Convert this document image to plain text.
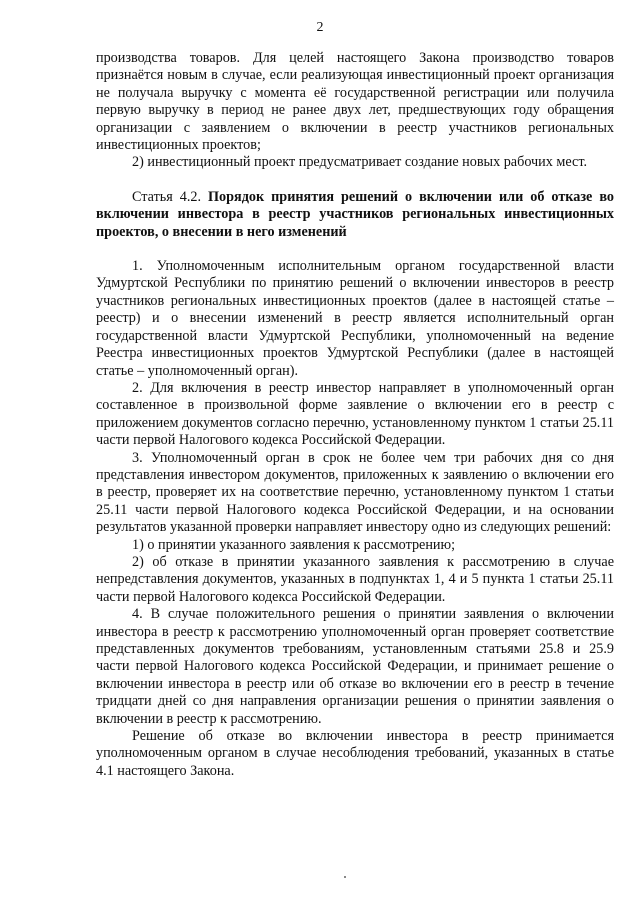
2

производства товаров. Для целей настоящего Закона производство товаров признаётся новым в случае, если реализующая инвестиционный проект организация не получала выручку с момента её государственной регистрации или получила первую выручку в период не ранее двух лет, предшествующих году обращения организации с заявлением о включении в реестр участников региональных инвестиционных проектов;

2) инвестиционный проект предусматривает создание новых рабочих мест.

Статья 4.2. Порядок принятия решений о включении или об отказе во включении инвестора в реестр участников региональных инвестиционных проектов, о внесении в него изменений

1. Уполномоченным исполнительным органом государственной власти Удмуртской Республики по принятию решений о включении инвесторов в реестр участников региональных инвестиционных проектов (далее в настоящей статье – реестр) и о внесении изменений в реестр является исполнительный орган государственной власти Удмуртской Республики, уполномоченный на ведение Реестра инвестиционных проектов Удмуртской Республики (далее в настоящей статье – уполномоченный орган).

2. Для включения в реестр инвестор направляет в уполномоченный орган составленное в произвольной форме заявление о включении его в реестр с приложением документов согласно перечню, установленному пунктом 1 статьи 25.11 части первой Налогового кодекса Российской Федерации.

3. Уполномоченный орган в срок не более чем три рабочих дня со дня представления инвестором документов, приложенных к заявлению о включении его в реестр, проверяет их на соответствие перечню, установленному пунктом 1 статьи 25.11 части первой Налогового кодекса Российской Федерации, и на основании результатов указанной проверки направляет инвестору одно из следующих решений:

1) о принятии указанного заявления к рассмотрению;

2) об отказе в принятии указанного заявления к рассмотрению в случае непредставления документов, указанных в подпунктах 1, 4 и 5 пункта 1 статьи 25.11 части первой Налогового кодекса Российской Федерации.

4. В случае положительного решения о принятии заявления о включении инвестора в реестр к рассмотрению уполномоченный орган проверяет соответствие представленных документов требованиям, установленным статьями 25.8 и 25.9 части первой Налогового кодекса Российской Федерации, и принимает решение о включении инвестора в реестр или об отказе во включении его в реестр в течение тридцати дней со дня направления организации решения о принятии заявления о включении в реестр к рассмотрению.

Решение об отказе во включении инвестора в реестр принимается уполномоченным органом в случае несоблюдения требований, указанных в статье 4.1 настоящего Закона.
